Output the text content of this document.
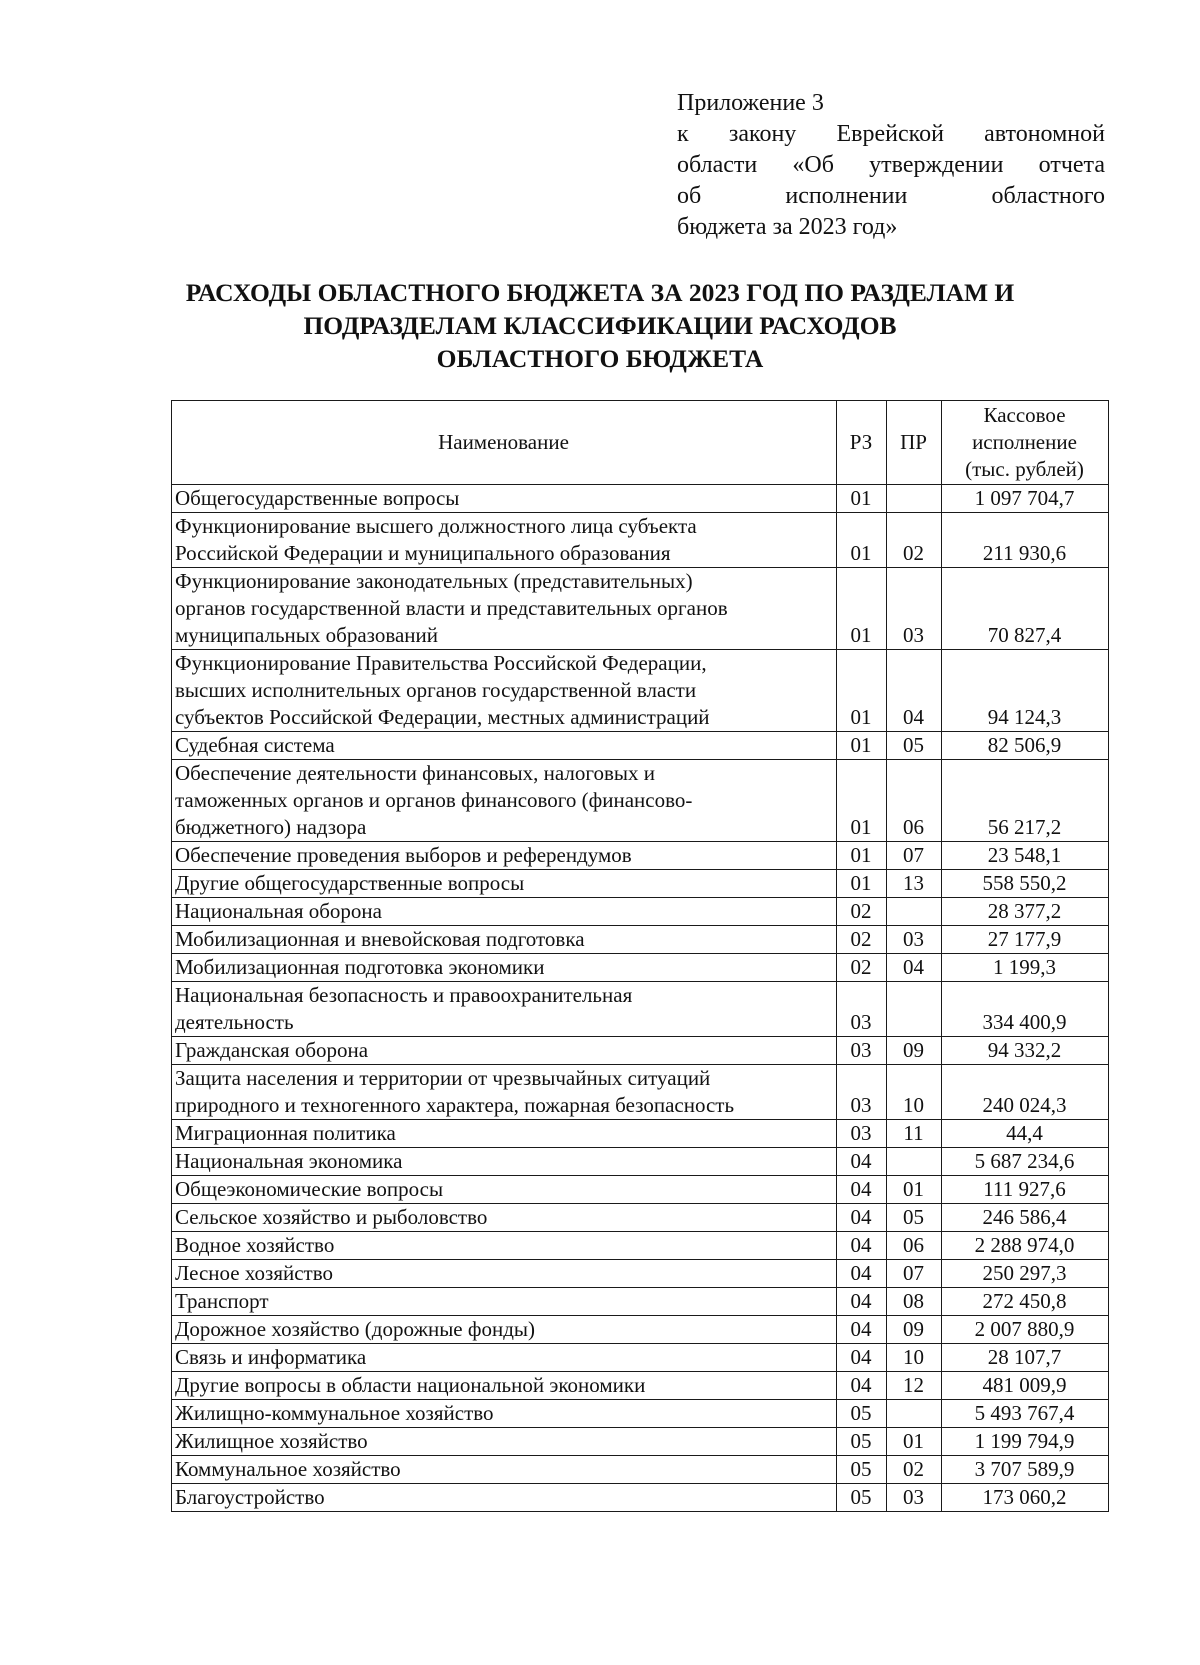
Приложение 3
к закону Еврейской автономной
области «Об утверждении отчета
об	исполнении	областного
бюджета за 2023 год»
РАСХОДЫ ОБЛАСТНОГО БЮДЖЕТА ЗА 2023 ГОД ПО РАЗДЕЛАМ И
ПОДРАЗДЕЛАМ КЛАССИФИКАЦИИ РАСХОДОВ
ОБЛАСТНОГО БЮДЖЕТА
Наименование	РЗ	ПР	Кассовое
исполнение
(тыс. рублей)

Общегосударственные вопросы	01		1 097 704,7

Функционирование высшего должностного лица субъекта
Российской Федерации и муниципального образования	01	02	211 930,6

Функционирование законодательных (представительных)
органов государственной власти и представительных органов
муниципальных образований	01	03	70 827,4

Функционирование Правительства Российской Федерации,
высших исполнительных органов государственной власти
субъектов Российской Федерации, местных администраций	01	04	94 124,3

Судебная система	01	05	82 506,9

Обеспечение деятельности финансовых, налоговых и
таможенных органов и органов финансового (финансово-
бюджетного) надзора	01	06	56 217,2

Обеспечение проведения выборов и референдумов	01	07	23 548,1

Другие общегосударственные вопросы	01	13	558 550,2

Национальная оборона	02		28 377,2

Мобилизационная и вневойсковая подготовка	02	03	27 177,9

Мобилизационная подготовка экономики	02	04	1 199,3

Национальная безопасность и правоохранительная
деятельность	03		334 400,9

Гражданская оборона	03	09	94 332,2

Защита населения и территории от чрезвычайных ситуаций
природного и техногенного характера, пожарная безопасность	03	10	240 024,3

Миграционная политика	03	11	44,4

Национальная экономика	04		5 687 234,6

Общеэкономические вопросы	04	01	111 927,6

Сельское хозяйство и рыболовство	04	05	246 586,4

Водное хозяйство	04	06	2 288 974,0

Лесное хозяйство	04	07	250 297,3

Транспорт	04	08	272 450,8

Дорожное хозяйство (дорожные фонды)	04	09	2 007 880,9

Связь и информатика	04	10	28 107,7

Другие вопросы в области национальной экономики	04	12	481 009,9

Жилищно-коммунальное хозяйство	05		5 493 767,4

Жилищное хозяйство	05	01	1 199 794,9

Коммунальное хозяйство	05	02	3 707 589,9

Благоустройство	05	03	173 060,2
